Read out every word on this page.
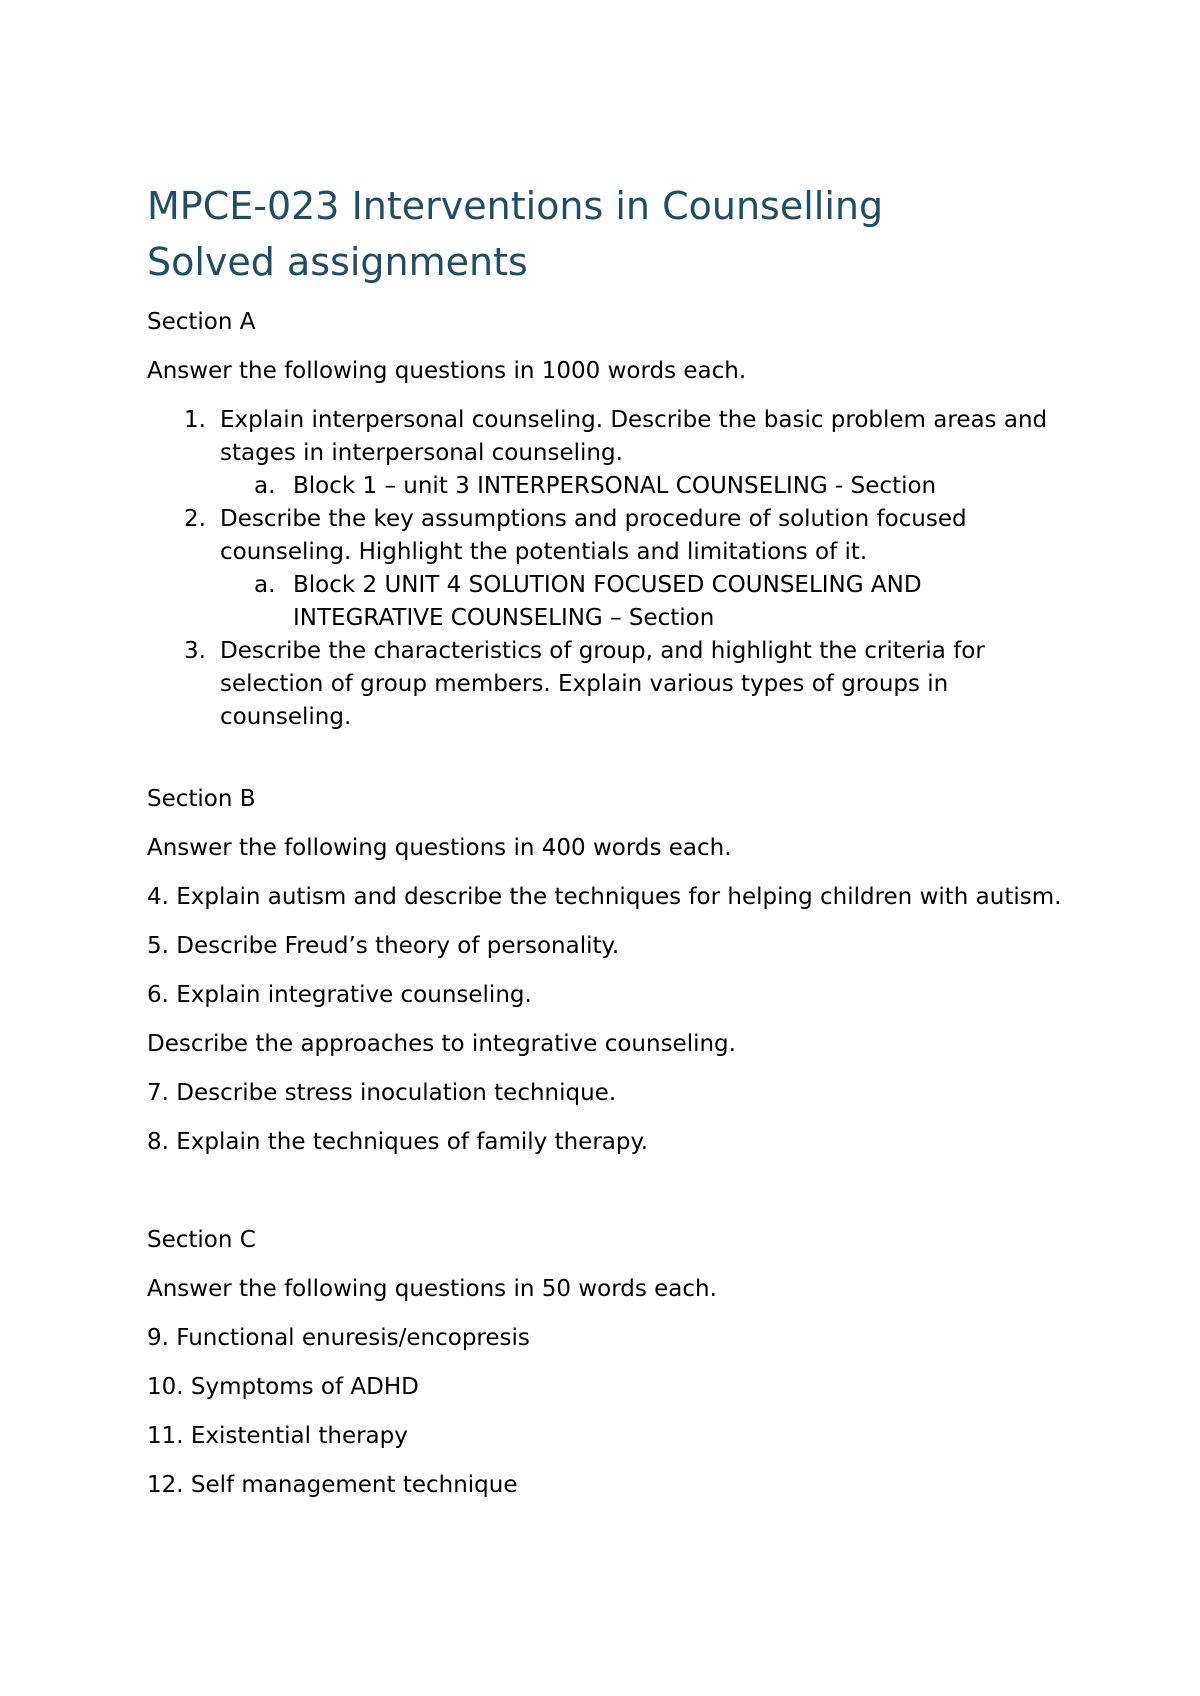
MPCE-023 Interventions in Counselling
Solved assignments

Section A

Answer the following questions in 1000 words each.

1. Explain interpersonal counseling. Describe the basic problem areas and stages in interpersonal counseling.
a. Block 1 – unit 3 INTERPERSONAL COUNSELING - Section
2. Describe the key assumptions and procedure of solution focused counseling. Highlight the potentials and limitations of it.
a. Block 2 UNIT 4 SOLUTION FOCUSED COUNSELING AND INTEGRATIVE COUNSELING – Section
3. Describe the characteristics of group, and highlight the criteria for selection of group members. Explain various types of groups in counseling.

Section B

Answer the following questions in 400 words each.

4. Explain autism and describe the techniques for helping children with autism.

5. Describe Freud’s theory of personality.

6. Explain integrative counseling.

Describe the approaches to integrative counseling.

7. Describe stress inoculation technique.

8. Explain the techniques of family therapy.

Section C

Answer the following questions in 50 words each.

9. Functional enuresis/encopresis

10. Symptoms of ADHD

11. Existential therapy

12. Self management technique
